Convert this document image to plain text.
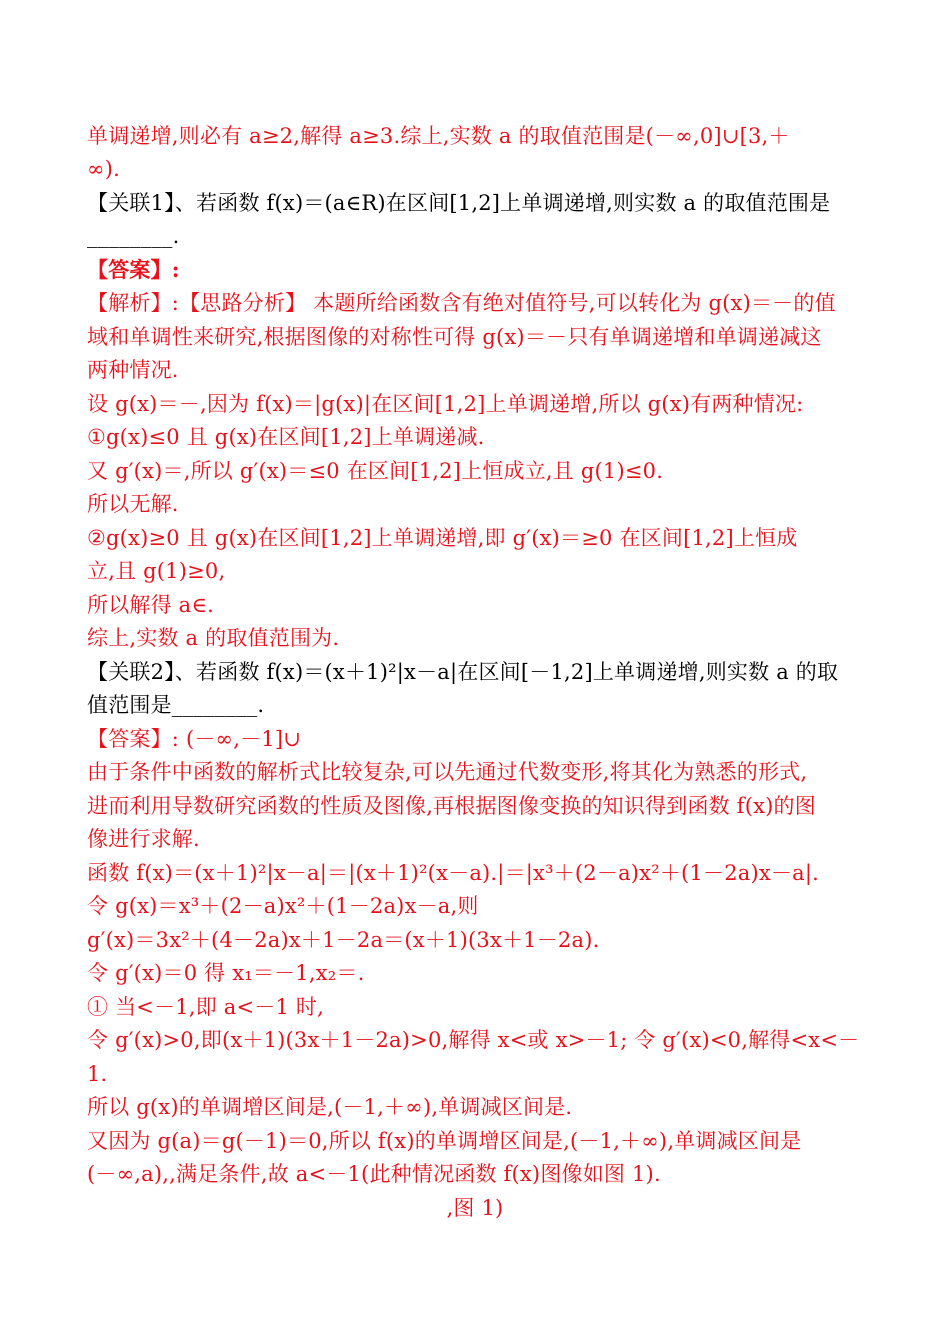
单调递增,则必有 a≥2,解得 a≥3.综上,实数 a 的取值范围是(－∞,0]∪[3,＋
∞).
【关联1】、若函数 f(x)＝(a∈R)在区间[1,2]上单调递增,则实数 a 的取值范围是
________.
【答案】:
【解析】:【思路分析】 本题所给函数含有绝对值符号,可以转化为 g(x)＝－的值
域和单调性来研究,根据图像的对称性可得 g(x)＝－只有单调递增和单调递减这
两种情况.
设 g(x)＝－,因为 f(x)＝|g(x)|在区间[1,2]上单调递增,所以 g(x)有两种情况:
①g(x)≤0 且 g(x)在区间[1,2]上单调递减.
又 g′(x)＝,所以 g′(x)＝≤0 在区间[1,2]上恒成立,且 g(1)≤0.
所以无解.
②g(x)≥0 且 g(x)在区间[1,2]上单调递增,即 g′(x)＝≥0 在区间[1,2]上恒成
立,且 g(1)≥0,
所以解得 a∈.
综上,实数 a 的取值范围为.
【关联2】、若函数 f(x)＝(x＋1)²|x－a|在区间[－1,2]上单调递增,则实数 a 的取
值范围是________.
【答案】: (－∞,－1]∪
由于条件中函数的解析式比较复杂,可以先通过代数变形,将其化为熟悉的形式,
进而利用导数研究函数的性质及图像,再根据图像变换的知识得到函数 f(x)的图
像进行求解.
函数 f(x)＝(x＋1)²|x－a|＝|(x＋1)²(x－a).|＝|x³＋(2－a)x²＋(1－2a)x－a|.
令 g(x)＝x³＋(2－a)x²＋(1－2a)x－a,则
g′(x)＝3x²＋(4－2a)x＋1－2a＝(x＋1)(3x＋1－2a).
令 g′(x)＝0 得 x₁＝－1,x₂＝.
① 当<－1,即 a<－1 时,
令 g′(x)>0,即(x＋1)(3x＋1－2a)>0,解得 x<或 x>－1; 令 g′(x)<0,解得<x<－
1.
所以 g(x)的单调增区间是,(－1,＋∞),单调减区间是.
又因为 g(a)＝g(－1)＝0,所以 f(x)的单调增区间是,(－1,＋∞),单调减区间是
(－∞,a),,满足条件,故 a<－1(此种情况函数 f(x)图像如图 1).
,图 1)
